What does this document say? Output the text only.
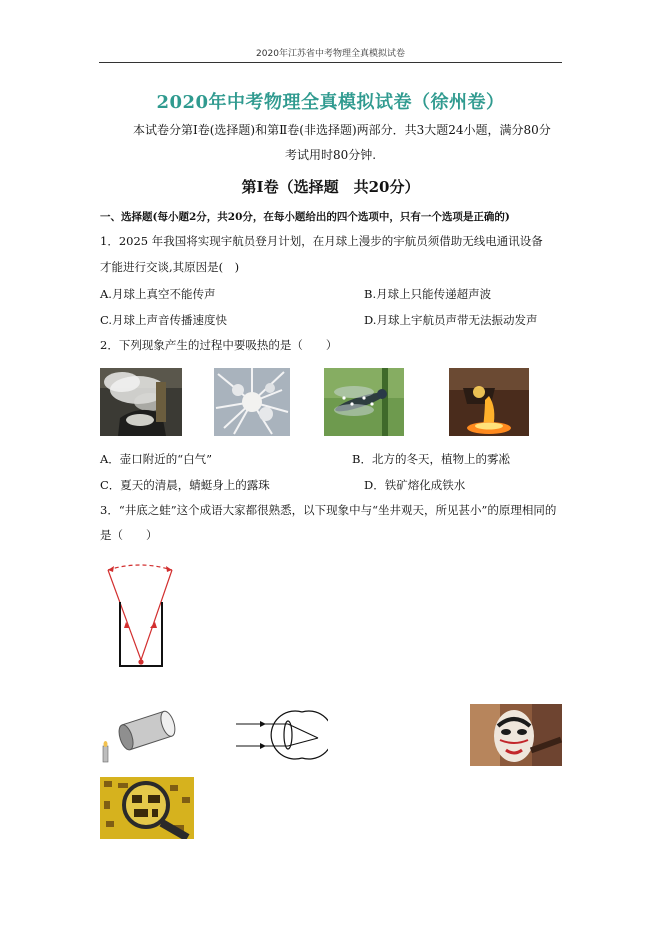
2020年江苏省中考物理全真模拟试卷
2020年中考物理全真模拟试卷（徐州卷）
本试卷分第Ⅰ卷(选择题)和第Ⅱ卷(非选择题)两部分．共3大题24小题，满分80分
考试用时80分钟.
第Ⅰ卷（选择题　共20分）
一、选择题(每小题2分，共20分，在每小题给出的四个选项中，只有一个选项是正确的)
1．2025 年我国将实现宇航员登月计划，在月球上漫步的宇航员须借助无线电通讯设备
才能进行交谈,其原因是(　)
A.月球上真空不能传声	B.月球上只能传递超声波
C.月球上声音传播速度快	D.月球上宇航员声带无法振动发声
2．下列现象产生的过程中要吸热的是（　　）
A．壶口附近的“白气”	B．北方的冬天，植物上的雾凇
C．夏天的清晨，蜻蜓身上的露珠	D．铁矿熔化成铁水
3．“井底之蛙”这个成语大家都很熟悉，以下现象中与“坐井观天，所见甚小”的原理相同的
是（　　）
